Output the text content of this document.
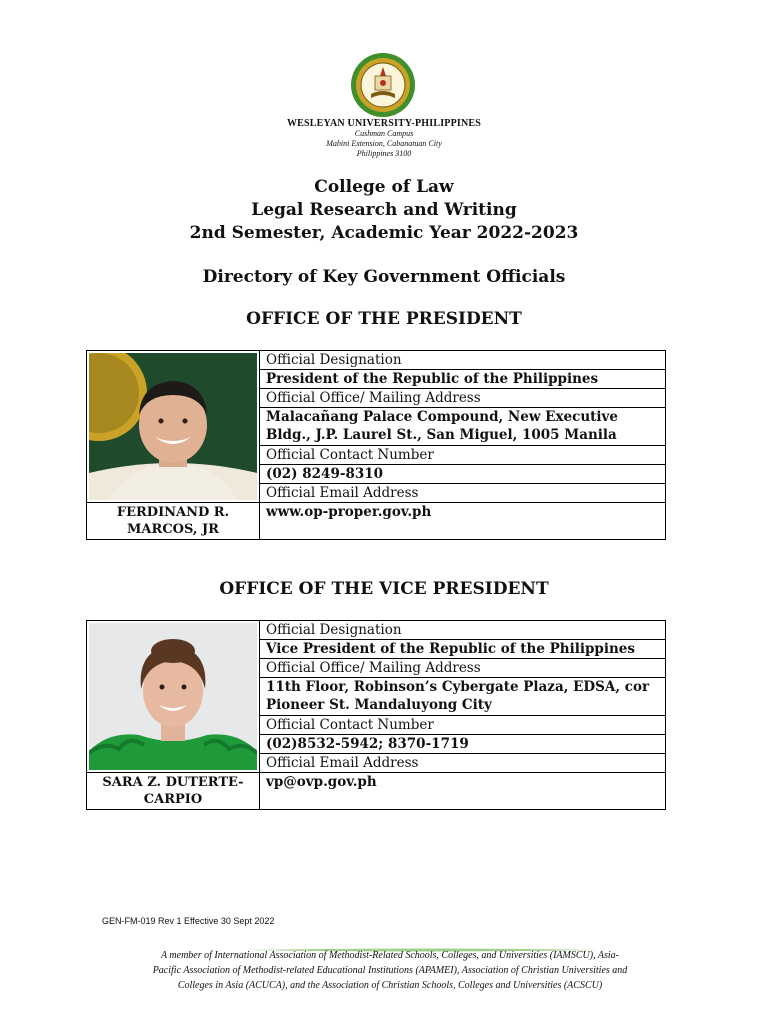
WESLEYAN UNIVERSITY-PHILIPPINES
Cushman Campus
Mabini Extension, Cabanatuan City
Philippines 3100
College of Law
Legal Research and Writing
2nd Semester, Academic Year 2022-2023
Directory of Key Government Officials
OFFICE OF THE PRESIDENT
FERDINAND R.
MARCOS, JR
Official Designation
President of the Republic of the Philippines
Official Office/ Mailing Address
Malacañang Palace Compound, New Executive
Bldg., J.P. Laurel St., San Miguel, 1005 Manila
Official Contact Number
(02) 8249-8310
Official Email Address
www.op-proper.gov.ph
OFFICE OF THE VICE PRESIDENT
SARA Z. DUTERTE-
CARPIO
Official Designation
Vice President of the Republic of the Philippines
Official Office/ Mailing Address
11th Floor, Robinson’s Cybergate Plaza, EDSA, cor
Pioneer St. Mandaluyong City
Official Contact Number
(02)8532-5942; 8370-1719
Official Email Address
vp@ovp.gov.ph
GEN-FM-019 Rev 1 Effective 30 Sept 2022
A member of International Association of Methodist-Related Schools, Colleges, and Universities (IAMSCU), Asia-
Pacific Association of Methodist-related Educational Institutions (APAMEI), Association of Christian Universities and
Colleges in Asia (ACUCA), and the Association of Christian Schools, Colleges and Universities (ACSCU)
